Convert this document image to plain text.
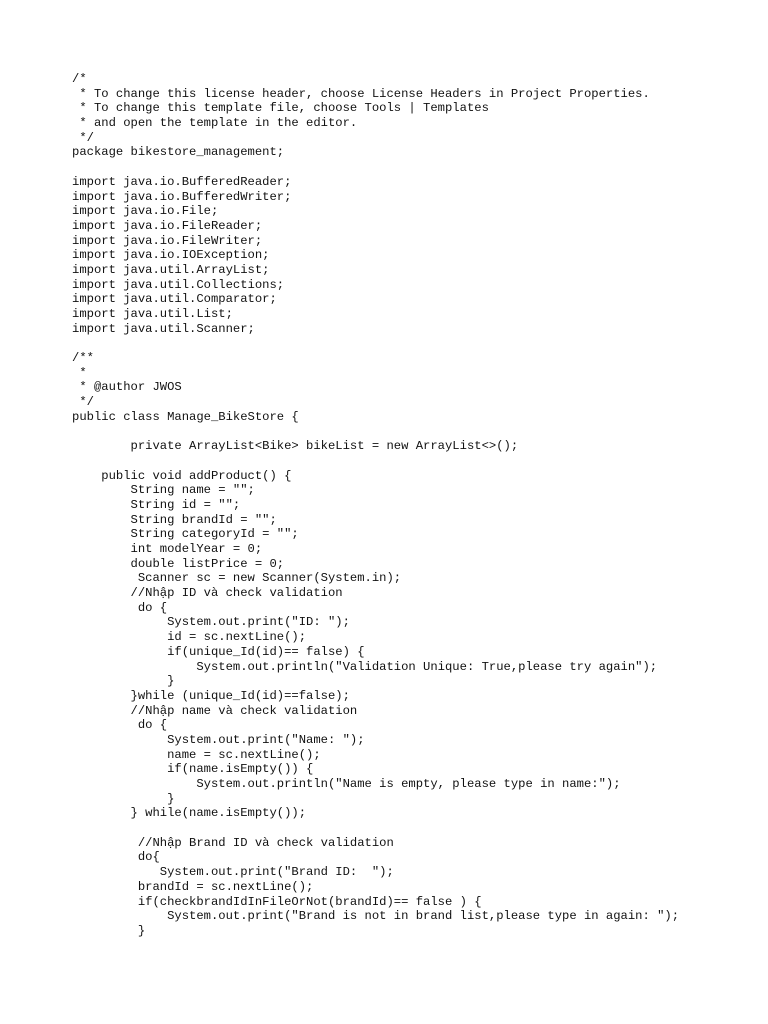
/*
* To change this license header, choose License Headers in Project Properties.
* To change this template file, choose Tools | Templates
* and open the template in the editor.
*/
package bikestore_management;
import java.io.BufferedReader;
import java.io.BufferedWriter;
import java.io.File;
import java.io.FileReader;
import java.io.FileWriter;
import java.io.IOException;
import java.util.ArrayList;
import java.util.Collections;
import java.util.Comparator;
import java.util.List;
import java.util.Scanner;
/**
*
* @author JWOS
*/
public class Manage_BikeStore {
private ArrayList<Bike> bikeList = new ArrayList<>();
public void addProduct() {
String name = "";
String id = "";
String brandId = "";
String categoryId = "";
int modelYear = 0;
double listPrice = 0;
Scanner sc = new Scanner(System.in);
//Nhập ID và check validation
do {
System.out.print("ID: ");
id = sc.nextLine();
if(unique_Id(id)== false) {
System.out.println("Validation Unique: True,please try again");
}
}while (unique_Id(id)==false);
//Nhập name và check validation
do {
System.out.print("Name: ");
name = sc.nextLine();
if(name.isEmpty()) {
System.out.println("Name is empty, please type in name:");
}
} while(name.isEmpty());
//Nhập Brand ID và check validation
do{
System.out.print("Brand ID:  ");
brandId = sc.nextLine();
if(checkbrandIdInFileOrNot(brandId)== false ) {
System.out.print("Brand is not in brand list,please type in again: ");
}
